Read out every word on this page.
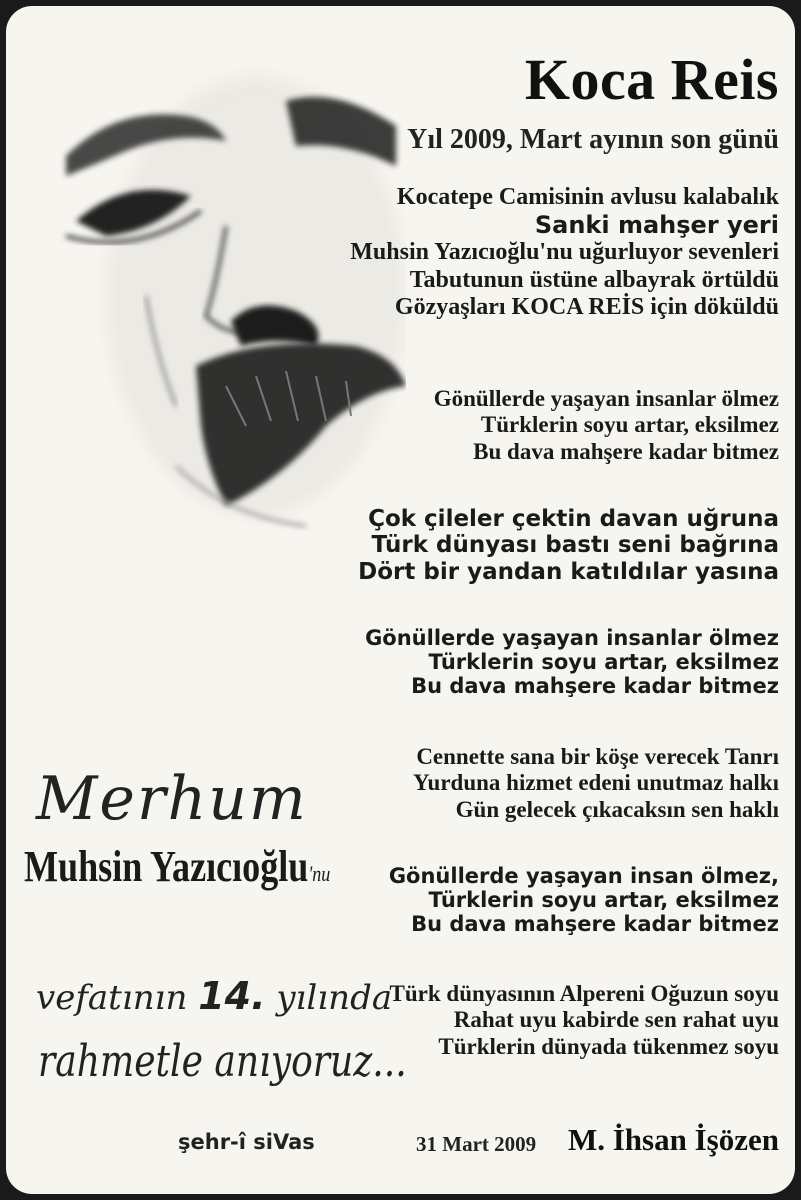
Koca Reis
Yıl 2009, Mart ayının son günü
Kocatepe Camisinin avlusu kalabalık
Sanki mahşer yeri
Muhsin Yazıcıoğlu'nu uğurluyor sevenleri
Tabutunun üstüne albayrak örtüldü
Gözyaşları KOCA REİS için döküldü
Gönüllerde yaşayan insanlar ölmez
Türklerin soyu artar, eksilmez
Bu dava mahşere kadar bitmez
Çok çileler çektin davan uğruna
Türk dünyası bastı seni bağrına
Dört bir yandan katıldılar yasına
Gönüllerde yaşayan insanlar ölmez
Türklerin soyu artar, eksilmez
Bu dava mahşere kadar bitmez
Cennette sana bir köşe verecek Tanrı
Yurduna hizmet edeni unutmaz halkı
Gün gelecek çıkacaksın sen haklı
Gönüllerde yaşayan insan ölmez,
Türklerin soyu artar, eksilmez
Bu dava mahşere kadar bitmez
Türk dünyasının Alpereni Oğuzun soyu
Rahat uyu kabirde sen rahat uyu
Türklerin dünyada tükenmez soyu
Merhum
Muhsin Yazıcıoğlu'nu
vefatının 14. yılında
rahmetle anıyoruz...
şehr-î siVas	31 Mart 2009 M. İhsan İşözen
